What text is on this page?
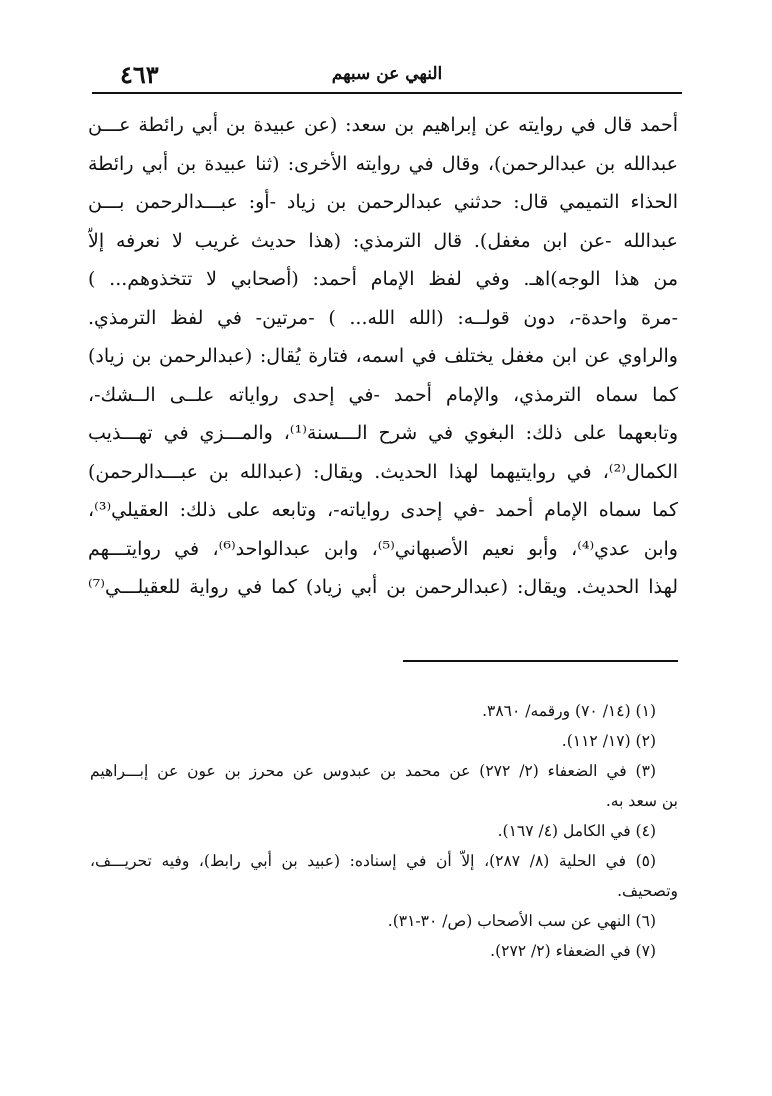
النهي عن سبهم
٤٦٣
أحمد قال في روايته عن إبراهيم بن سعد: (عن عبيدة بن أبي رائطة عـــن
عبدالله بن عبدالرحمن)، وقال في روايته الأخرى: (ثنا عبيدة بن أبي رائطة
الحذاء التميمي قال: حدثني عبدالرحمن بن زياد -أو: عبـــدالرحمن بـــن
عبدالله -عن ابن مغفل). قال الترمذي: (هذا حديث غريب لا نعرفه إلاّ
من هذا الوجه)اهـ. وفي لفظ الإمام أحمد: (أصحابي لا تتخذوهم... )
-مرة واحدة-، دون قولــه: (الله الله... ) -مرتين- في لفظ الترمذي.
والراوي عن ابن مغفل يختلف في اسمه، فتارة يُقال: (عبدالرحمن بن زياد)
كما سماه الترمذي، والإمام أحمد -في إحدى رواياته علــى الــشك-،
وتابعهما على ذلك: البغوي في شرح الـــسنة⁽¹⁾، والمـــزي في تهـــذيب
الكمال⁽²⁾، في روايتيهما لهذا الحديث. ويقال: (عبدالله بن عبـــدالرحمن)
كما سماه الإمام أحمد -في إحدى رواياته-، وتابعه على ذلك: العقيلي⁽³⁾،
وابن عدي⁽⁴⁾، وأبو نعيم الأصبهاني⁽⁵⁾، وابن عبدالواحد⁽⁶⁾، في روايتـــهم
لهذا الحديث. ويقال: (عبدالرحمن بن أبي زياد) كما في رواية للعقيلـــي⁽⁷⁾
(١) (١٤/ ٧٠) ورقمه/ ٣٨٦٠.
(٢) (١٧/ ١١٢).
(٣) في الضعفاء (٢/ ٢٧٢) عن محمد بن عبدوس عن محرز بن عون عن إبـــراهيم
بن سعد به.
(٤) في الكامل (٤/ ١٦٧).
(٥) في الحلية (٨/ ٢٨٧)، إلاّ أن في إسناده: (عبيد بن أبي رابط)، وفيه تحريـــف،
وتصحيف.
(٦) النهي عن سب الأصحاب (ص/ ٣٠-٣١).
(٧) في الضعفاء (٢/ ٢٧٢).
